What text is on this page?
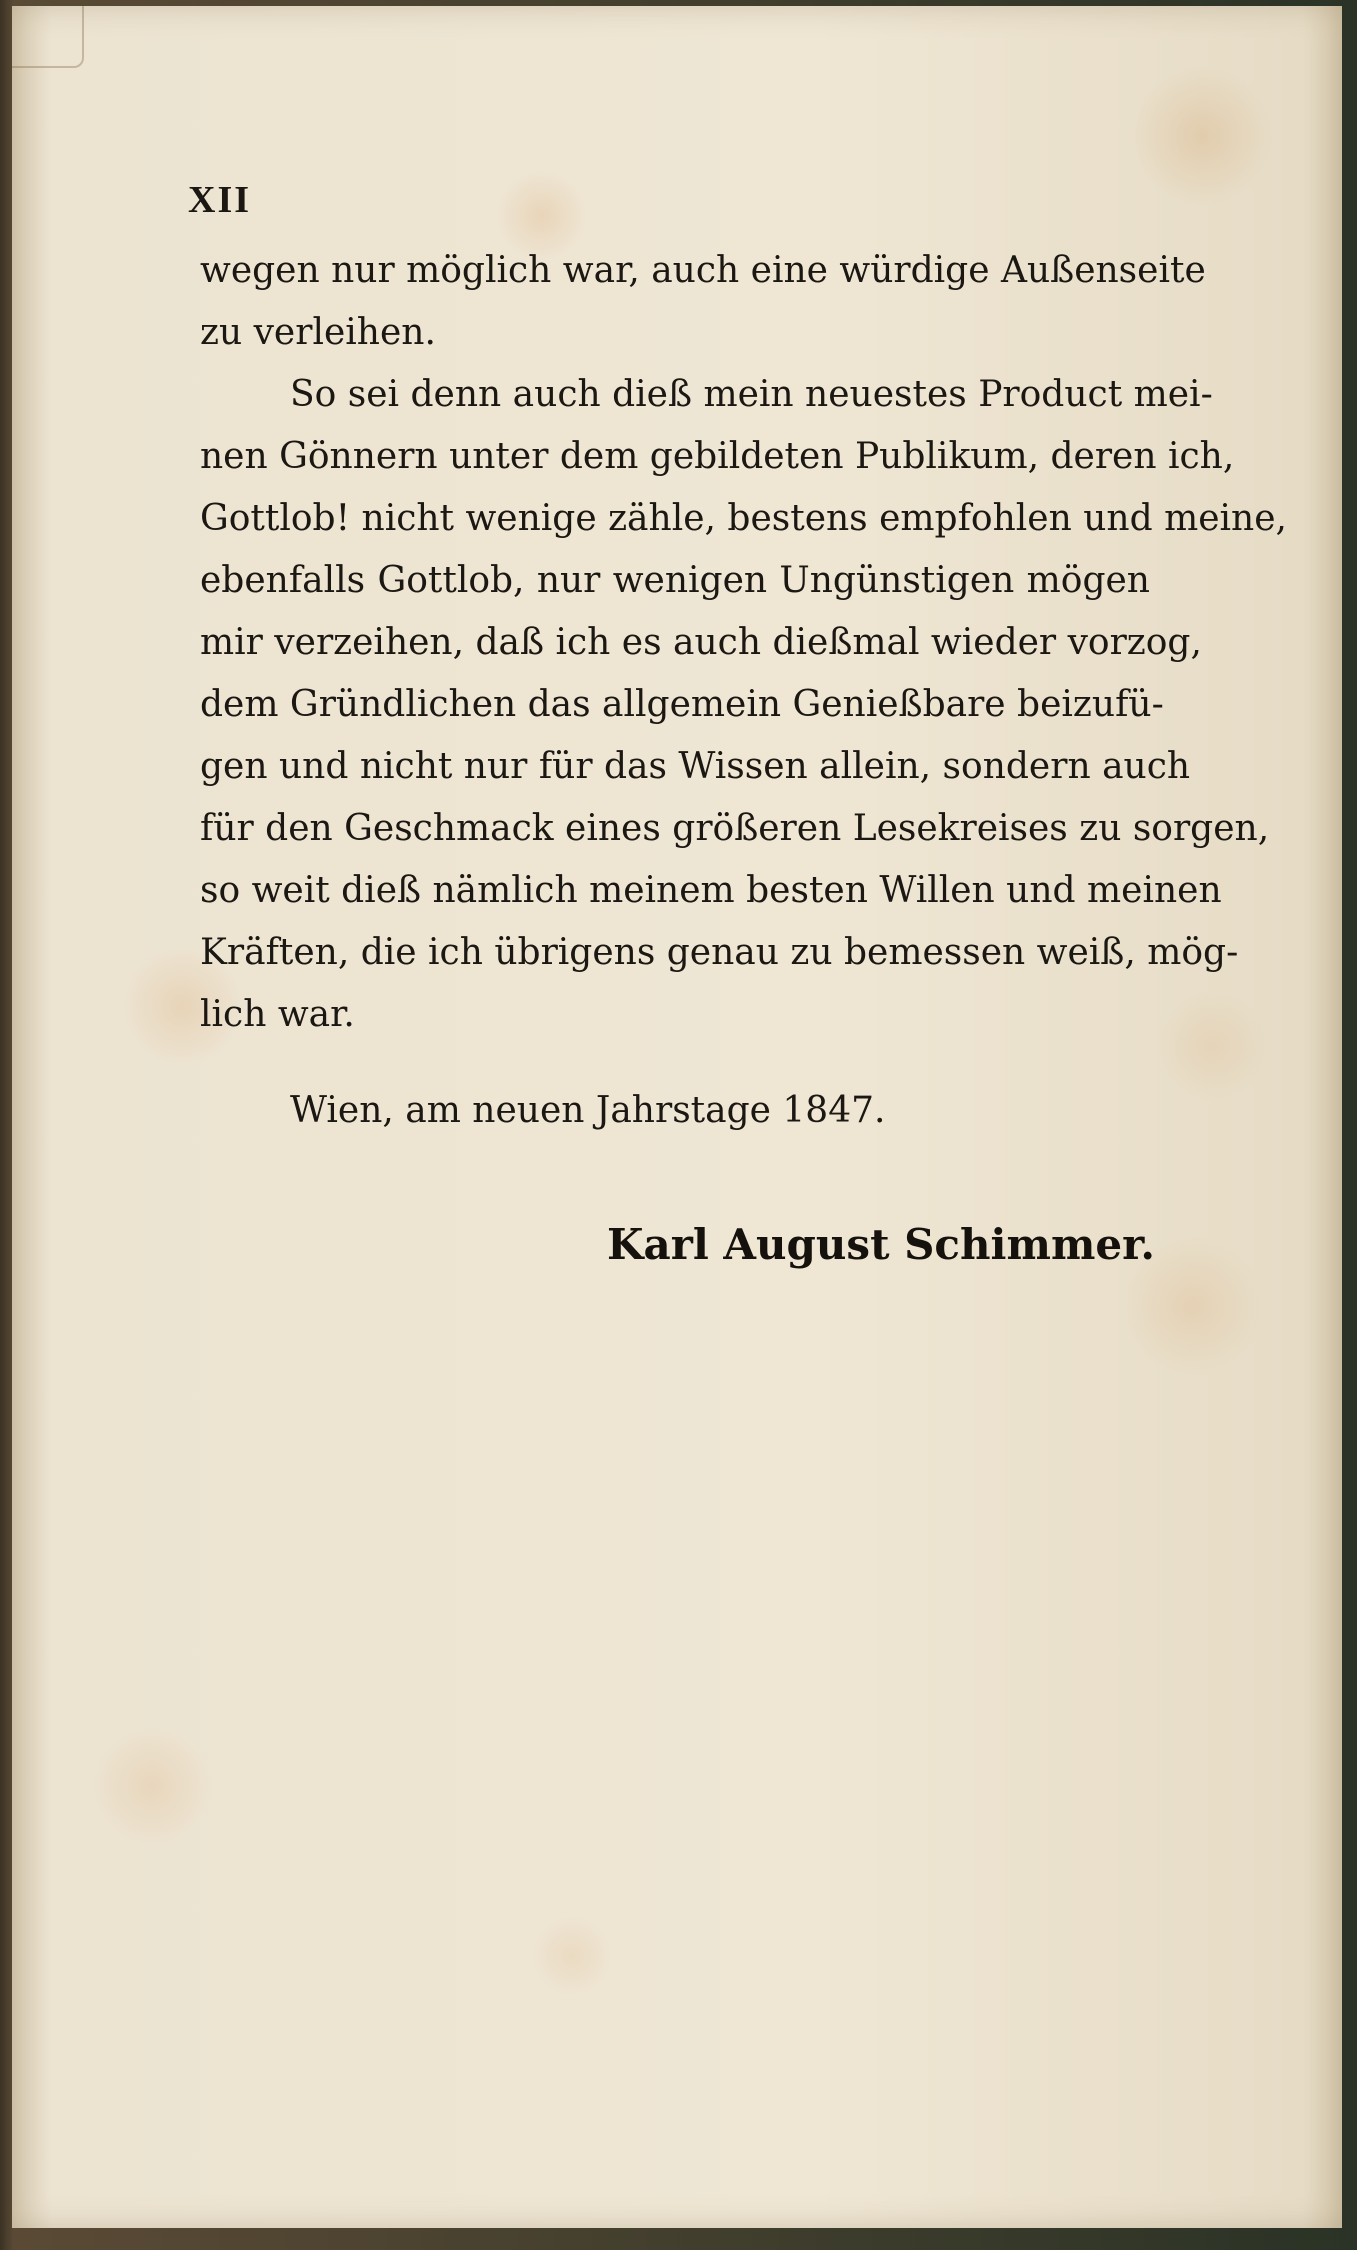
XII
wegen nur möglich war, auch eine würdige Außenseite
zu verleihen.
So sei denn auch dieß mein neuestes Product mei-
nen Gönnern unter dem gebildeten Publikum, deren ich,
Gottlob! nicht wenige zähle, bestens empfohlen und meine,
ebenfalls Gottlob, nur wenigen Ungünstigen mögen
mir verzeihen, daß ich es auch dießmal wieder vorzog,
dem Gründlichen das allgemein Genießbare beizufü-
gen und nicht nur für das Wissen allein, sondern auch
für den Geschmack eines größeren Lesekreises zu sorgen,
so weit dieß nämlich meinem besten Willen und meinen
Kräften, die ich übrigens genau zu bemessen weiß, mög-
lich war.
Wien, am neuen Jahrstage 1847.
Karl August Schimmer.
